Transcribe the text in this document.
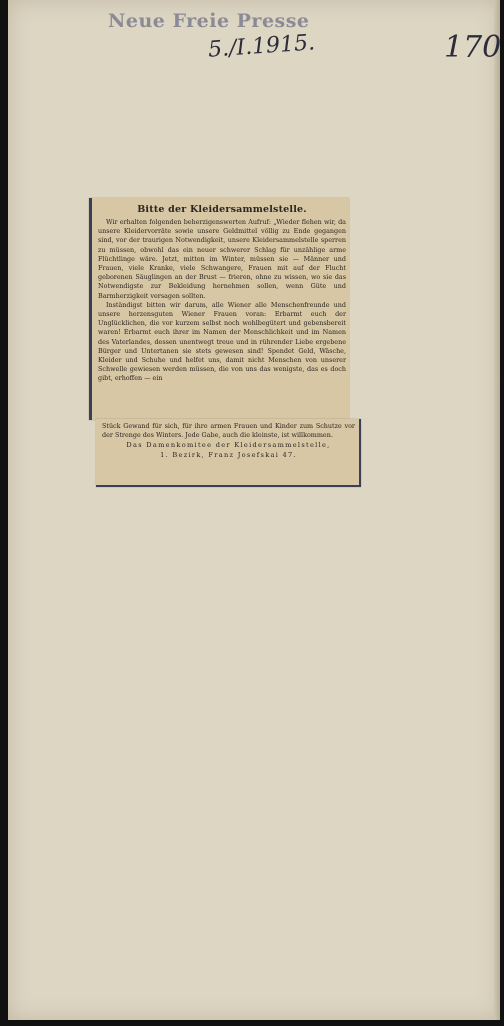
Neue Freie Presse
5./I.1915.	170

Bitte der Kleidersammelstelle.

Wir erhalten folgenden beherzigenswerten Aufruf: „Wieder flehen wir, da unsere Kleidervorräte sowie unsere Geldmittel völlig zu Ende gegangen sind, vor der traurigen Notwendigkeit, unsere Kleidersammelstelle sperren zu müssen, obwohl das ein neuer schwerer Schlag für unzählige arme Flüchtlinge wäre. Jetzt, mitten im Winter, müssen sie — Männer und Frauen, viele Kranke, viele Schwangere, Frauen mit auf der Flucht geborenen Säuglingen an der Brust — frieren, ohne zu wissen, wo sie das Notwendigste zur Bekleidung hernehmen sollen, wenn Güte und Barmherzigkeit versagen sollten.

Inständigst bitten wir darum, alle Wiener alle Menschenfreunde und unsere herzensguten Wiener Frauen voran: Erbarmt euch der Unglücklichen, die vor kurzem selbst noch wohlbegütert und gebensbereit waren! Erbarmt euch ihrer im Namen der Menschlichkeit und im Namen des Vaterlandes, dessen unentwegt treue und in rührender Liebe ergebene Bürger und Untertanen sie stets gewesen sind! Spendet Geld, Wäsche, Kleider und Schuhe und helfet uns, damit nicht Menschen von unserer Schwelle gewiesen werden müssen, die von uns das wenigste, das es doch gibt, erhoffen — ein

Stück Gewand für sich, für ihre armen Frauen und Kinder zum Schutze vor der Strenge des Winters. Jede Gabe, auch die kleinste, ist willkommen.

Das Damenkomitee der Kleidersammelstelle,

1. Bezirk, Franz Josefskai 47.
